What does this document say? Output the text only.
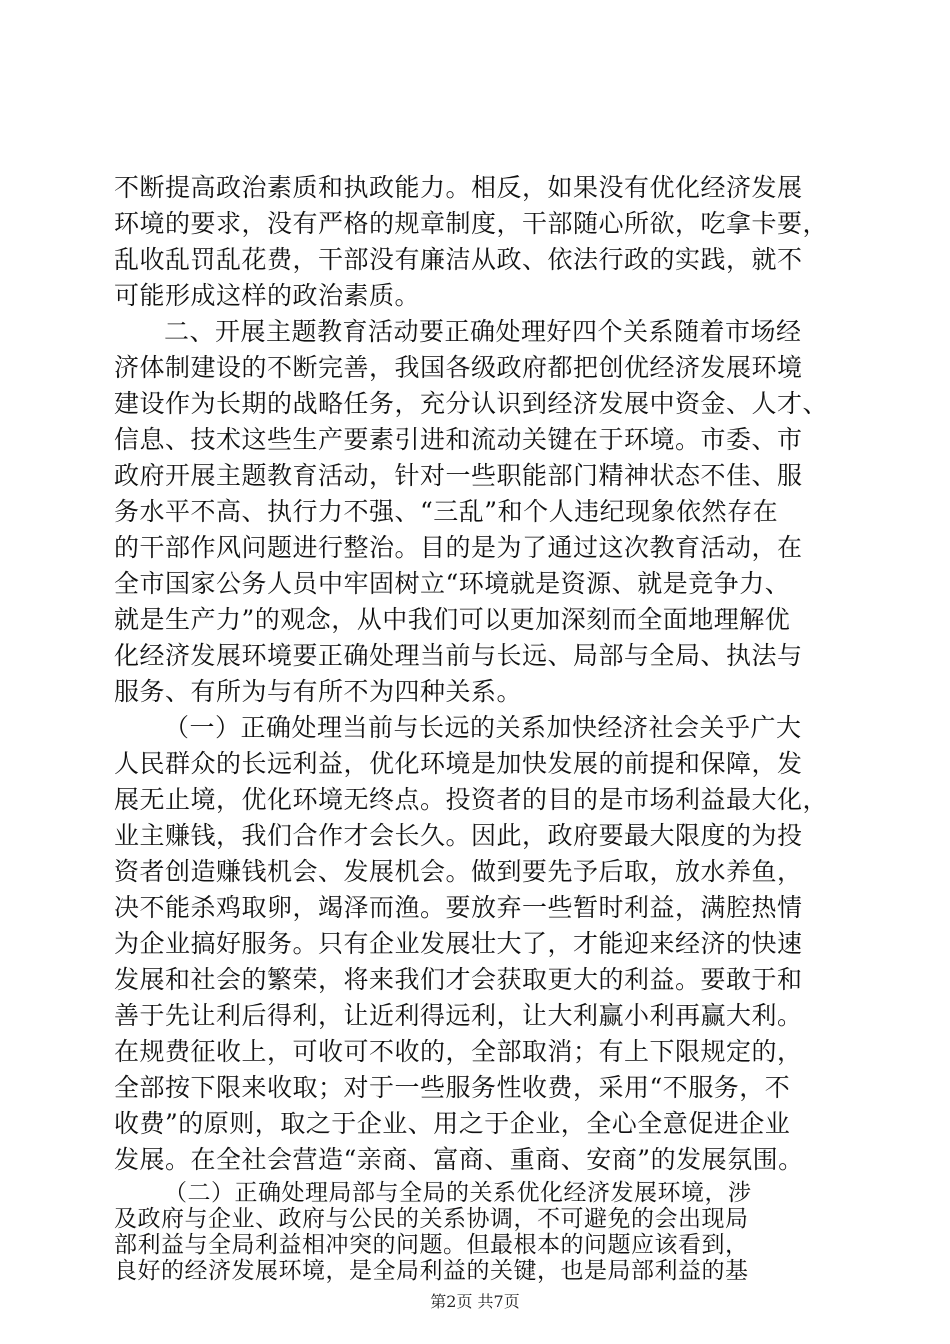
不断提高政治素质和执政能力。相反，如果没有优化经济发展
环境的要求，没有严格的规章制度，干部随心所欲，吃拿卡要，
乱收乱罚乱花费，干部没有廉洁从政、依法行政的实践，就不
可能形成这样的政治素质。
二、开展主题教育活动要正确处理好四个关系随着市场经
济体制建设的不断完善，我国各级政府都把创优经济发展环境
建设作为长期的战略任务，充分认识到经济发展中资金、人才、
信息、技术这些生产要素引进和流动关键在于环境。市委、市
政府开展主题教育活动，针对一些职能部门精神状态不佳、服
务水平不高、执行力不强、“三乱”和个人违纪现象依然存在
的干部作风问题进行整治。目的是为了通过这次教育活动，在
全市国家公务人员中牢固树立“环境就是资源、就是竞争力、
就是生产力”的观念，从中我们可以更加深刻而全面地理解优
化经济发展环境要正确处理当前与长远、局部与全局、执法与
服务、有所为与有所不为四种关系。
（一）正确处理当前与长远的关系加快经济社会关乎广大
人民群众的长远利益，优化环境是加快发展的前提和保障，发
展无止境，优化环境无终点。投资者的目的是市场利益最大化，
业主赚钱，我们合作才会长久。因此，政府要最大限度的为投
资者创造赚钱机会、发展机会。做到要先予后取，放水养鱼，
决不能杀鸡取卵，竭泽而渔。要放弃一些暂时利益，满腔热情
为企业搞好服务。只有企业发展壮大了，才能迎来经济的快速
发展和社会的繁荣，将来我们才会获取更大的利益。要敢于和
善于先让利后得利，让近利得远利，让大利赢小利再赢大利。
在规费征收上，可收可不收的，全部取消；有上下限规定的，
全部按下限来收取；对于一些服务性收费，采用“不服务，不
收费”的原则，取之于企业、用之于企业，全心全意促进企业
发展。在全社会营造“亲商、富商、重商、安商”的发展氛围。
第2页 共7页
（二）正确处理局部与全局的关系优化经济发展环境，涉
及政府与企业、政府与公民的关系协调，不可避免的会出现局
部利益与全局利益相冲突的问题。但最根本的问题应该看到，
良好的经济发展环境，是全局利益的关键，也是局部利益的基
